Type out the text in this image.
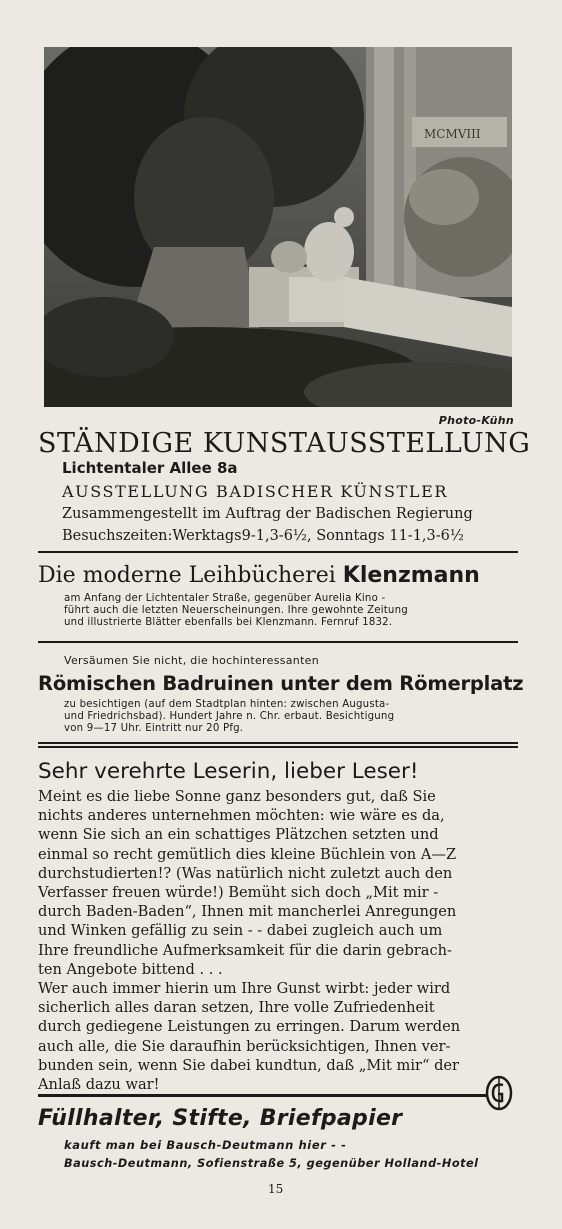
MCMVIII
Photo-Kühn
STÄNDIGE KUNSTAUSSTELLUNG
Lichtentaler Allee 8a
AUSSTELLUNG BADISCHER KÜNSTLER
Zusammengestellt im Auftrag der Badischen Regierung
Besuchszeiten:Werktags9-1,3-6½, Sonntags 11-1,3-6½
Die moderne Leihbücherei Klenzmann
am Anfang der Lichtentaler Straße, gegenüber Aurelia Kino -
führt auch die letzten Neuerscheinungen. Ihre gewohnte Zeitung
und illustrierte Blätter ebenfalls bei Klenzmann. Fernruf 1832.
Versäumen Sie nicht, die hochinteressanten
Römischen Badruinen unter dem Römerplatz
zu besichtigen (auf dem Stadtplan hinten: zwischen Augusta-
und Friedrichsbad). Hundert Jahre n. Chr. erbaut. Besichtigung
von 9—17 Uhr. Eintritt nur 20 Pfg.
Sehr verehrte Leserin, lieber Leser!
Meint es die liebe Sonne ganz besonders gut, daß Sie
nichts anderes unternehmen möchten: wie wäre es da,
wenn Sie sich an ein schattiges Plätzchen setzten und
einmal so recht gemütlich dies kleine Büchlein von A—Z
durchstudierten!? (Was natürlich nicht zuletzt auch den
Verfasser freuen würde!) Bemüht sich doch „Mit mir -
durch Baden-Baden“, Ihnen mit mancherlei Anregungen
und Winken gefällig zu sein - - dabei zugleich auch um
Ihre freundliche Aufmerksamkeit für die darin gebrach-
ten Angebote bittend . . .
Wer auch immer hierin um Ihre Gunst wirbt: jeder wird
sicherlich alles daran setzen, Ihre volle Zufriedenheit
durch gediegene Leistungen zu erringen. Darum werden
auch alle, die Sie daraufhin berücksichtigen, Ihnen ver-
bunden sein, wenn Sie dabei kundtun, daß „Mit mir“ der
Anlaß dazu war!
Füllhalter, Stifte, Briefpapier
kauft man bei Bausch-Deutmann hier - -
Bausch-Deutmann, Sofienstraße 5, gegenüber Holland-Hotel
15
